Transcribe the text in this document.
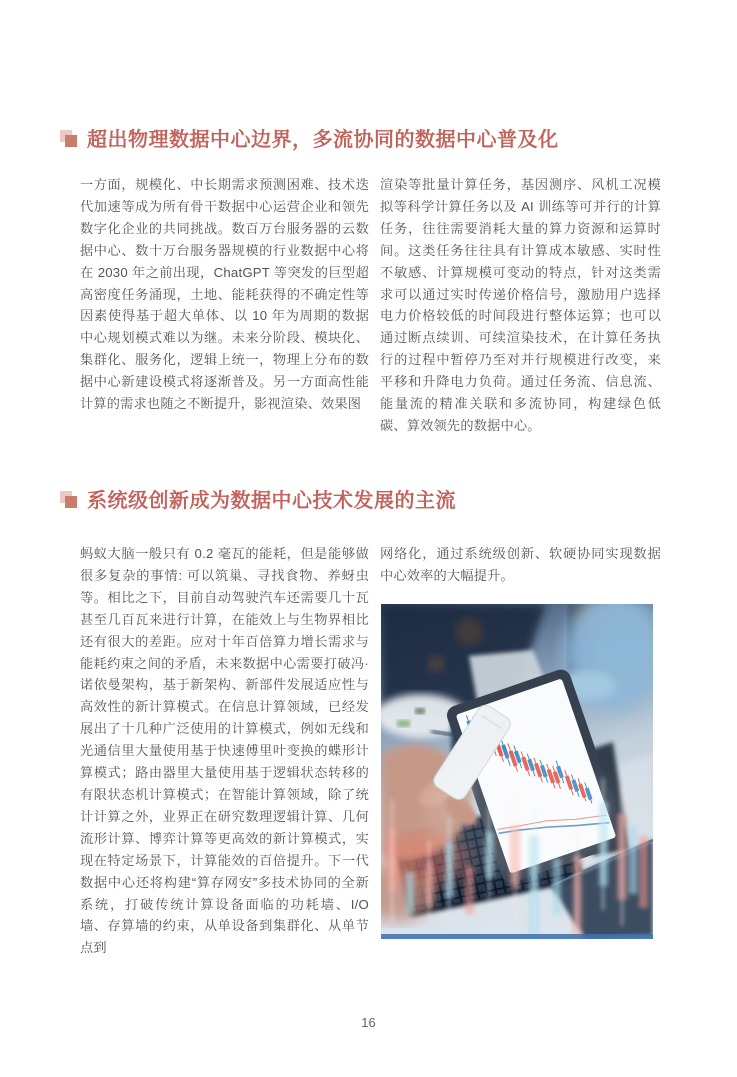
超出物理数据中心边界，多流协同的数据中心普及化
一方面，规模化、中长期需求预测困难、技术迭代加速等成为所有骨干数据中心运营企业和领先数字化企业的共同挑战。数百万台服务器的云数据中心、数十万台服务器规模的行业数据中心将在 2030 年之前出现，ChatGPT 等突发的巨型超高密度任务涌现，土地、能耗获得的不确定性等因素使得基于超大单体、以 10 年为周期的数据中心规划模式难以为继。未来分阶段、模块化、集群化、服务化，逻辑上统一，物理上分布的数据中心新建设模式将逐渐普及。另一方面高性能计算的需求也随之不断提升，影视渲染、效果图
渲染等批量计算任务，基因测序、风机工况模拟等科学计算任务以及 AI 训练等可并行的计算任务，往往需要消耗大量的算力资源和运算时间。这类任务往往具有计算成本敏感、实时性不敏感、计算规模可变动的特点，针对这类需求可以通过实时传递价格信号，激励用户选择电力价格较低的时间段进行整体运算；也可以通过断点续训、可续渲染技术，在计算任务执行的过程中暂停乃至对并行规模进行改变，来平移和升降电力负荷。通过任务流、信息流、能量流的精准关联和多流协同，构建绿色低碳、算效领先的数据中心。
系统级创新成为数据中心技术发展的主流
蚂蚁大脑一般只有 0.2 毫瓦的能耗，但是能够做很多复杂的事情: 可以筑巢、寻找食物、养蚜虫等。相比之下，目前自动驾驶汽车还需要几十瓦甚至几百瓦来进行计算，在能效上与生物界相比还有很大的差距。应对十年百倍算力增长需求与能耗约束之间的矛盾，未来数据中心需要打破冯·诺依曼架构，基于新架构、新部件发展适应性与高效性的新计算模式。在信息计算领域，已经发展出了十几种广泛使用的计算模式，例如无线和光通信里大量使用基于快速傅里叶变换的蝶形计算模式；路由器里大量使用基于逻辑状态转移的有限状态机计算模式；在智能计算领域，除了统计计算之外，业界正在研究数理逻辑计算、几何流形计算、博弈计算等更高效的新计算模式，实现在特定场景下，计算能效的百倍提升。下一代数据中心还将构建“算存网安”多技术协同的全新系统，打破传统计算设备面临的功耗墙、I/O 墙、存算墙的约束，从单设备到集群化、从单节点到
网络化，通过系统级创新、软硬协同实现数据中心效率的大幅提升。
16
